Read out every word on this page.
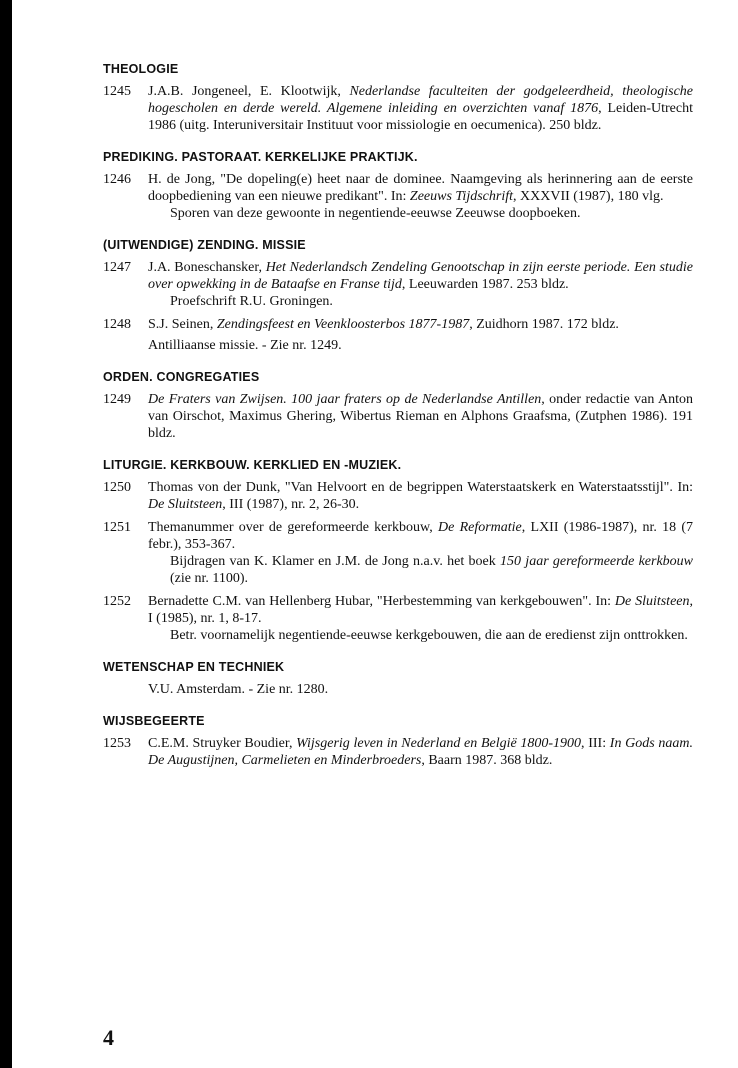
THEOLOGIE
1245 J.A.B. Jongeneel, E. Klootwijk, Nederlandse faculteiten der godgeleerdheid, theologische hogescholen en derde wereld. Algemene inleiding en overzichten vanaf 1876, Leiden-Utrecht 1986 (uitg. Interuniversitair Instituut voor missiologie en oecumenica). 250 bldz.
PREDIKING. PASTORAAT. KERKELIJKE PRAKTIJK.
1246 H. de Jong, "De dopeling(e) heet naar de dominee. Naamgeving als herinnering aan de eerste doopbediening van een nieuwe predikant". In: Zeeuws Tijdschrift, XXXVII (1987), 180 vlg.
Sporen van deze gewoonte in negentiende-eeuwse Zeeuwse doopboeken.
(UITWENDIGE) ZENDING. MISSIE
1247 J.A. Boneschansker, Het Nederlandsch Zendeling Genootschap in zijn eerste periode. Een studie over opwekking in de Bataafse en Franse tijd, Leeuwarden 1987. 253 bldz.
Proefschrift R.U. Groningen.
1248 S.J. Seinen, Zendingsfeest en Veenkloosterbos 1877-1987, Zuidhorn 1987. 172 bldz.
Antilliaanse missie. - Zie nr. 1249.
ORDEN. CONGREGATIES
1249 De Fraters van Zwijsen. 100 jaar fraters op de Nederlandse Antillen, onder redactie van Anton van Oirschot, Maximus Ghering, Wibertus Rieman en Alphons Graafsma, (Zutphen 1986). 191 bldz.
LITURGIE. KERKBOUW. KERKLIED EN -MUZIEK.
1250 Thomas von der Dunk, "Van Helvoort en de begrippen Waterstaatskerk en Waterstaatsstijl". In: De Sluitsteen, III (1987), nr. 2, 26-30.
1251 Themanummer over de gereformeerde kerkbouw, De Reformatie, LXII (1986-1987), nr. 18 (7 febr.), 353-367.
Bijdragen van K. Klamer en J.M. de Jong n.a.v. het boek 150 jaar gereformeerde kerkbouw (zie nr. 1100).
1252 Bernadette C.M. van Hellenberg Hubar, "Herbestemming van kerkgebouwen". In: De Sluitsteen, I (1985), nr. 1, 8-17.
Betr. voornamelijk negentiende-eeuwse kerkgebouwen, die aan de eredienst zijn onttrokken.
WETENSCHAP EN TECHNIEK
V.U. Amsterdam. - Zie nr. 1280.
WIJSBEGEERTE
1253 C.E.M. Struyker Boudier, Wijsgerig leven in Nederland en België 1800-1900, III: In Gods naam. De Augustijnen, Carmelieten en Minderbroeders, Baarn 1987. 368 bldz.
4
